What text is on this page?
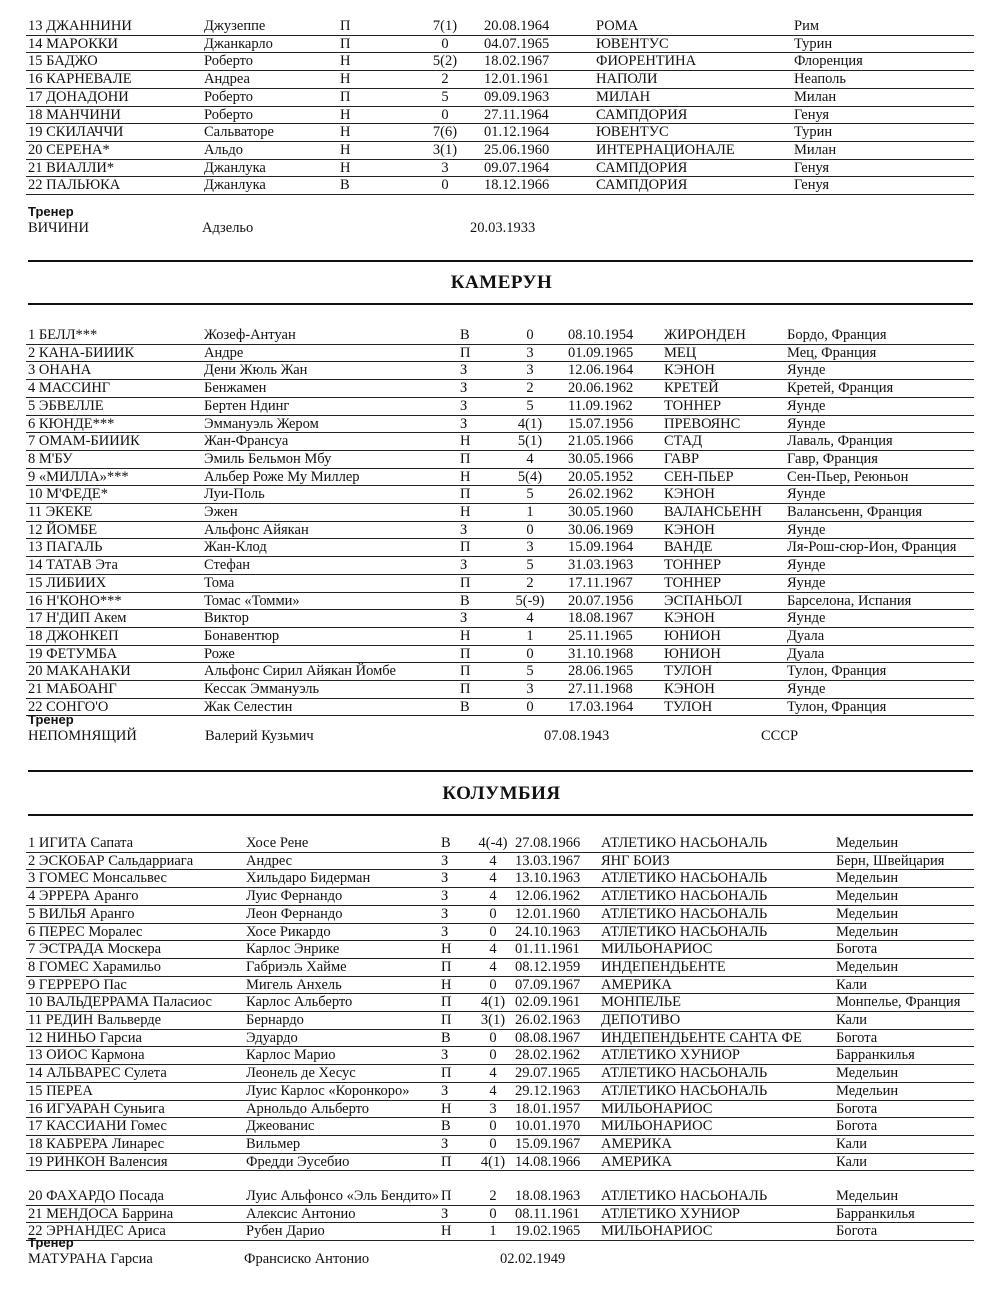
13 ДЖАННИНИ	Джузеппе	П	7(1)	20.08.1964	РОМА	Рим
14 МАРОККИ	Джанкарло	П	0	04.07.1965	ЮВЕНТУС	Турин
15 БАДЖО	Роберто	Н	5(2)	18.02.1967	ФИОРЕНТИНА	Флоренция
16 КАРНЕВАЛЕ	Андреа	Н	2	12.01.1961	НАПОЛИ	Неаполь
17 ДОНАДОНИ	Роберто	П	5	09.09.1963	МИЛАН	Милан
18 МАНЧИНИ	Роберто	Н	0	27.11.1964	САМПДОРИЯ	Генуя
19 СКИЛАЧЧИ	Сальваторе	Н	7(6)	01.12.1964	ЮВЕНТУС	Турин
20 СЕРЕНА*	Альдо	Н	3(1)	25.06.1960	ИНТЕРНАЦИОНАЛЕ	Милан
21 ВИАЛЛИ*	Джанлука	Н	3	09.07.1964	САМПДОРИЯ	Генуя
22 ПАЛЬЮКА	Джанлука	В	0	18.12.1966	САМПДОРИЯ	Генуя
Тренер
ВИЧИНИ	Адзельо	20.03.1933
КАМЕРУН
1 БЕЛЛ***	Жозеф-Антуан	В	0	08.10.1954	ЖИРОНДЕН	Бордо, Франция
2 КАНА-БИИИК	Андре	П	3	01.09.1965	МЕЦ	Мец, Франция
3 ОНАНА	Дени Жюль Жан	З	3	12.06.1964	КЭНОН	Яунде
4 МАССИНГ	Бенжамен	З	2	20.06.1962	КРЕТЕЙ	Кретей, Франция
5 ЭБВЕЛЛЕ	Бертен Ндинг	З	5	11.09.1962	ТОННЕР	Яунде
6 КЮНДЕ***	Эммануэль Жером	З	4(1)	15.07.1956	ПРЕВОЯНС	Яунде
7 ОМАМ-БИИИК	Жан-Франсуа	Н	5(1)	21.05.1966	СТАД	Лаваль, Франция
8 М'БУ	Эмиль Бельмон Мбу	П	4	30.05.1966	ГАВР	Гавр, Франция
9 «МИЛЛА»***	Альбер Роже Му Миллер	Н	5(4)	20.05.1952	СЕН-ПЬЕР	Сен-Пьер, Реюньон
10 М'ФЕДЕ*	Луи-Поль	П	5	26.02.1962	КЭНОН	Яунде
11 ЭКЕКЕ	Эжен	Н	1	30.05.1960	ВАЛАНСЬЕНН	Валансьенн, Франция
12 ЙОМБЕ	Альфонс Айякан	З	0	30.06.1969	КЭНОН	Яунде
13 ПАГАЛЬ	Жан-Клод	П	3	15.09.1964	ВАНДЕ	Ля-Рош-сюр-Ион, Франция
14 ТАТАВ Эта	Стефан	З	5	31.03.1963	ТОННЕР	Яунде
15 ЛИБИИХ	Тома	П	2	17.11.1967	ТОННЕР	Яунде
16 Н'КОНО***	Томас «Томми»	В	5(-9)	20.07.1956	ЭСПАНЬОЛ	Барселона, Испания
17 Н'ДИП Акем	Виктор	З	4	18.08.1967	КЭНОН	Яунде
18 ДЖОНКЕП	Бонавентюр	Н	1	25.11.1965	ЮНИОН	Дуала
19 ФЕТУМБА	Роже	П	0	31.10.1968	ЮНИОН	Дуала
20 МАКАНАКИ	Альфонс Сирил Айякан Йомбе	П	5	28.06.1965	ТУЛОН	Тулон, Франция
21 МАБОАНГ	Кессак Эммануэль	П	3	27.11.1968	КЭНОН	Яунде
22 СОНГО'О	Жак Селестин	В	0	17.03.1964	ТУЛОН	Тулон, Франция
Тренер
НЕПОМНЯЩИЙ	Валерий Кузьмич	07.08.1943	СССР
КОЛУМБИЯ
1 ИГИТА Сапата	Хосе Рене	В	4(-4)	27.08.1966	АТЛЕТИКО НАСЬОНАЛЬ	Медельин
2 ЭСКОБАР Сальдарриага	Андрес	З	4	13.03.1967	ЯНГ БОИЗ	Берн, Швейцария
3 ГОМЕС Монсальвес	Хильдаро Бидерман	З	4	13.10.1963	АТЛЕТИКО НАСЬОНАЛЬ	Медельин
4 ЭРРЕРА Аранго	Луис Фернандо	З	4	12.06.1962	АТЛЕТИКО НАСЬОНАЛЬ	Медельин
5 ВИЛЬЯ Аранго	Леон Фернандо	З	0	12.01.1960	АТЛЕТИКО НАСЬОНАЛЬ	Медельин
6 ПЕРЕС Моралес	Хосе Рикардо	З	0	24.10.1963	АТЛЕТИКО НАСЬОНАЛЬ	Медельин
7 ЭСТРАДА Москера	Карлос Энрике	Н	4	01.11.1961	МИЛЬОНАРИОС	Богота
8 ГОМЕС Харамильо	Габриэль Хайме	П	4	08.12.1959	ИНДЕПЕНДЬЕНТЕ	Медельин
9 ГЕРРЕРО Пас	Мигель Анхель	Н	0	07.09.1967	АМЕРИКА	Кали
10 ВАЛЬДЕРРАМА Паласиос	Карлос Альберто	П	4(1)	02.09.1961	МОНПЕЛЬЕ	Монпелье, Франция
11 РЕДИН Вальверде	Бернардо	П	3(1)	26.02.1963	ДЕПОТИВО	Кали
12 НИНЬО Гарсиа	Эдуардо	В	0	08.08.1967	ИНДЕПЕНДЬЕНТЕ САНТА ФЕ	Богота
13 ОИОС Кармона	Карлос Марио	З	0	28.02.1962	АТЛЕТИКО ХУНИОР	Барранкилья
14 АЛЬВАРЕС Сулета	Леонель де Хесус	П	4	29.07.1965	АТЛЕТИКО НАСЬОНАЛЬ	Медельин
15 ПЕРЕА	Луис Карлос «Коронкоро»	З	4	29.12.1963	АТЛЕТИКО НАСЬОНАЛЬ	Медельин
16 ИГУАРАН Суньига	Арнольдо Альберто	Н	3	18.01.1957	МИЛЬОНАРИОС	Богота
17 КАССИАНИ Гомес	Джеованис	В	0	10.01.1970	МИЛЬОНАРИОС	Богота
18 КАБРЕРА Линарес	Вильмер	З	0	15.09.1967	АМЕРИКА	Кали
19 РИНКОН Валенсия	Фредди Эусебио	П	4(1)	14.08.1966	АМЕРИКА	Кали
20 ФАХАРДО Посада	Луис Альфонсо «Эль Бендито»	П	2	18.08.1963	АТЛЕТИКО НАСЬОНАЛЬ	Медельин
21 МЕНДОСА Баррина	Алексис Антонио	З	0	08.11.1961	АТЛЕТИКО ХУНИОР	Барранкилья
22 ЭРНАНДЕС Ариса	Рубен Дарио	Н	1	19.02.1965	МИЛЬОНАРИОС	Богота
Тренер
МАТУРАНА Гарсиа	Франсиско Антонио	02.02.1949
